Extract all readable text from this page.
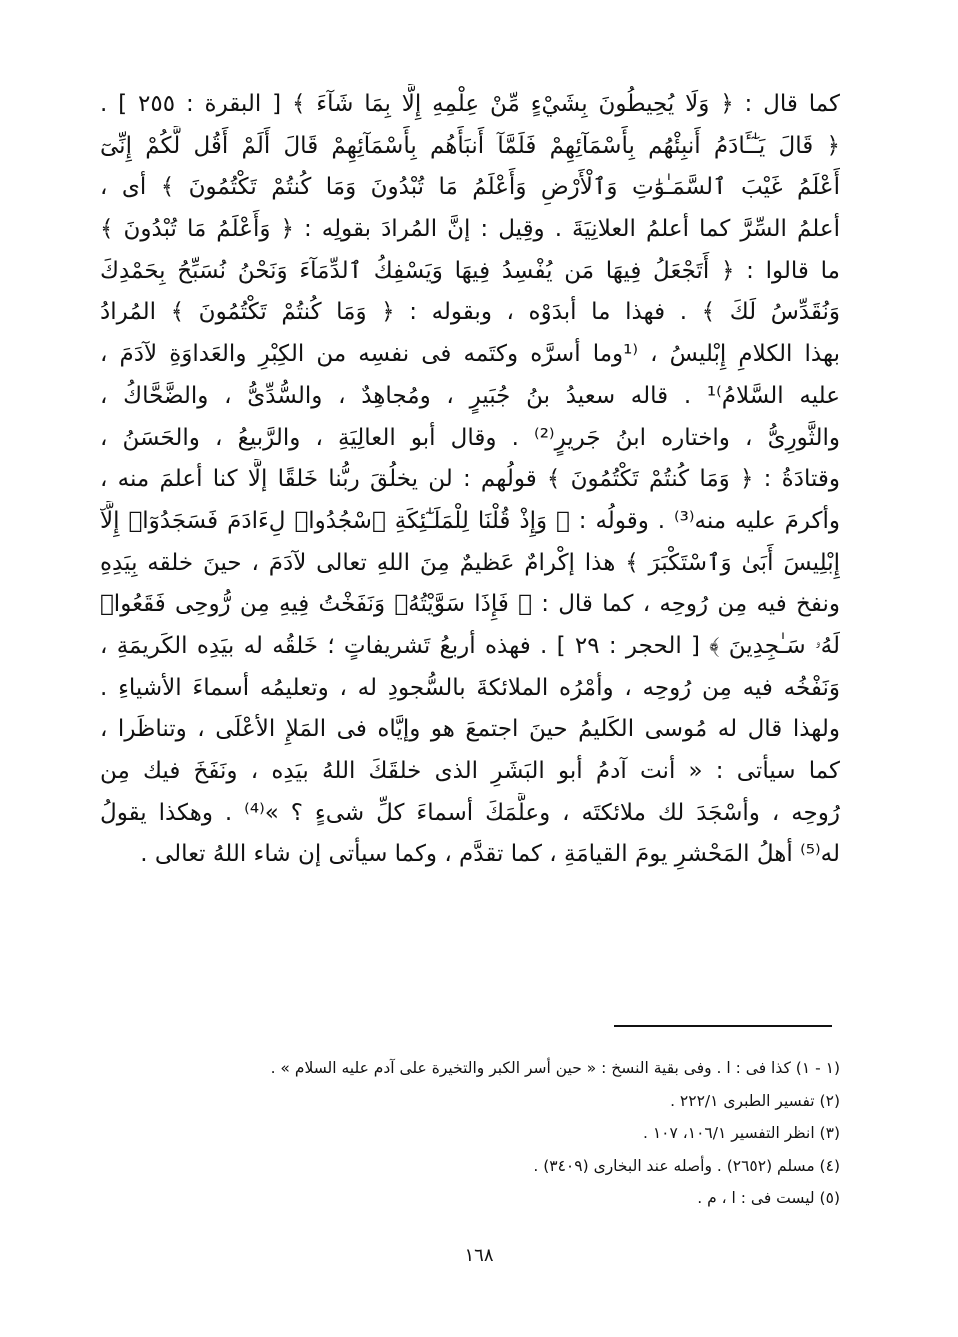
كما قال : ﴿ وَلَا يُحِيطُونَ بِشَيْءٍ مِّنْ عِلْمِهِ إِلَّا بِمَا شَآءَ ﴾ [ البقرة : ٢٥٥ ] .
﴿ قَالَ يَـٰٓـَٔادَمُ أَنبِئْهُم بِأَسْمَآئِهِمْ فَلَمَّآ أَنبَأَهُم بِأَسْمَآئِهِمْ قَالَ أَلَمْ أَقُل لَّكُمْ إِنِّىٓ
أَعْلَمُ غَيْبَ ٱلسَّمَـٰوَٰتِ وَٱلْأَرْضِ وَأَعْلَمُ مَا تُبْدُونَ وَمَا كُنتُمْ تَكْتُمُونَ ﴾ أى ،
أعلمُ السِّرَّ كما أعلمُ العلانِيَةَ . وقِيل : إنَّ المُرادَ بقولِه : ﴿ وَأَعْلَمُ مَا تُبْدُونَ ﴾
ما قالوا : ﴿ أَتَجْعَلُ فِيهَا مَن يُفْسِدُ فِيهَا وَيَسْفِكُ ٱلدِّمَآءَ وَنَحْنُ نُسَبِّحُ بِحَمْدِكَ
وَنُقَدِّسُ لَكَ ﴾ . فهذا ما أبدَوْه ، وبقوله : ﴿ وَمَا كُنتُمْ تَكْتُمُونَ ﴾ المُرادُ
بهذا الكلامِ إِبْليسُ ، ⁽¹وما أسرَّه وكتَمه فى نفسِه من الكِبْرِ والعَداوَةِ لآدَمَ ،
عليه السَّلامُ⁾¹ . قاله سعيدُ بنُ جُبَيرٍ ، ومُجاهِدٌ ، والسُّدِّىُّ ، والضَّحَّاكُ ،
والثَّورِىُّ ، واختاره ابنُ جَريرٍ⁽²⁾ . وقال أبو العالِيَةِ ، والرَّبيعُ ، والحَسَنُ ،
وقتادَةُ : ﴿ وَمَا كُنتُمْ تَكْتُمُونَ ﴾ قولُهم : لن يخلُقَ ربُّنا خَلقًا إلَّا كنا أعلمَ منه ،
وأكرمَ عليه منه⁽³⁾ . وقولُه : ﴿ وَإِذْ قُلْنَا لِلْمَلَـٰٓئِكَةِ ٱسْجُدُوا۟ لِءَادَمَ فَسَجَدُوٓا۟ إِلَّآ
إِبْلِيسَ أَبَىٰ وَٱسْتَكْبَرَ ﴾ هذا إكْرامٌ عَظيمٌ مِنَ اللهِ تعالى لآدَمَ ، حينَ خلقه بِيَدِهِ
ونفخ فيه مِن رُوحِه ، كما قال : ﴿ فَإِذَا سَوَّيْتُهُۥ وَنَفَخْتُ فِيهِ مِن رُّوحِى فَقَعُوا۟
لَهُۥ سَـٰجِدِينَ ﴾ [ الحجر : ٢٩ ] . فهذه أربعُ تَشريفاتٍ ؛ خَلقُه له بيَدِه الكَريمَةِ ،
وَنَفْخُه فيه مِن رُوحِه ، وأمْرُه الملائكةَ بالسُّجودِ له ، وتعليمُه أسماءَ الأشياءِ .
ولهذا قال له مُوسى الكَليمُ حينَ اجتمعَ هو وإيَّاه فى المَلإِ الأعْلَى ، وتناظَرا ،
كما سيأتى : « أنت آدمُ أبو البَشَرِ الذى خلقَكَ اللهُ بيَدِه ، ونَفَخَ فيك مِن
رُوحِه ، وأسْجَدَ لك ملائكتَه ، وعلَّمَكَ أسماءَ كلِّ شىءٍ ؟ »⁽⁴⁾ . وهكذا يقولُ
له⁽⁵⁾ أهلُ المَحْشرِ يومَ القيامَةِ ، كما تقدَّم ، وكما سيأتى إن شاء اللهُ تعالى .
(١ - ١) كذا فى : ا . وفى بقية النسخ : « حين أسر الكبر والتخيرة على آدم عليه السلام » .
(٢) تفسير الطبرى ٢٢٢/١ .
(٣) انظر التفسير ١٠٦/١، ١٠٧ .
(٤) مسلم (٢٦٥٢) . وأصله عند البخارى (٣٤٠٩) .
(٥) ليست فى : ا ، م .
١٦٨
